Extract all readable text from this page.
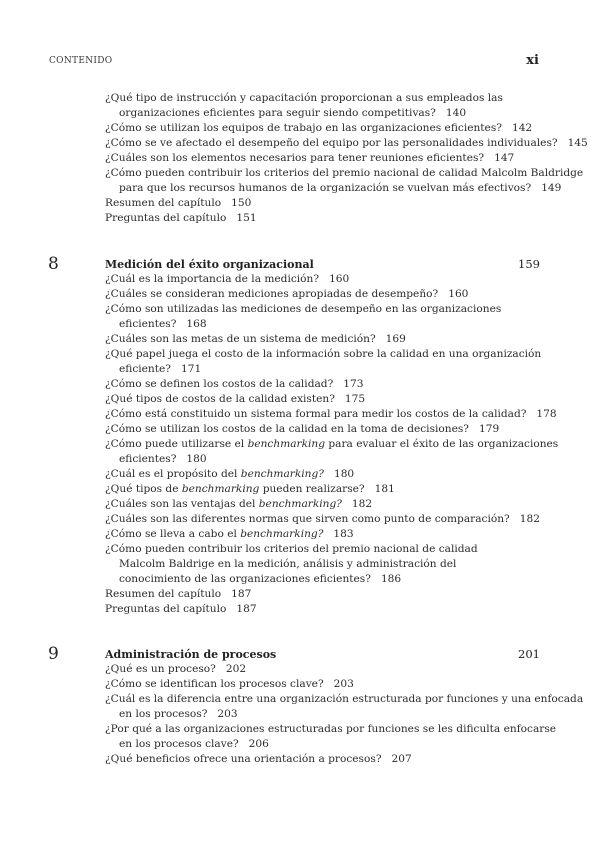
CONTENIDO	xi
¿Qué tipo de instrucción y capacitación proporcionan a sus empleados las
organizaciones eficientes para seguir siendo competitivas? 140
¿Cómo se utilizan los equipos de trabajo en las organizaciones eficientes? 142
¿Cómo se ve afectado el desempeño del equipo por las personalidades individuales? 145
¿Cuáles son los elementos necesarios para tener reuniones eficientes? 147
¿Cómo pueden contribuir los criterios del premio nacional de calidad Malcolm Baldridge
para que los recursos humanos de la organización se vuelvan más efectivos? 149
Resumen del capítulo 150
Preguntas del capítulo 151
8	Medición del éxito organizacional	159
¿Cuál es la importancia de la medición? 160
¿Cuáles se consideran mediciones apropiadas de desempeño? 160
¿Cómo son utilizadas las mediciones de desempeño en las organizaciones
eficientes? 168
¿Cuáles son las metas de un sistema de medición? 169
¿Qué papel juega el costo de la información sobre la calidad en una organización
eficiente? 171
¿Cómo se definen los costos de la calidad? 173
¿Qué tipos de costos de la calidad existen? 175
¿Cómo está constituido un sistema formal para medir los costos de la calidad? 178
¿Cómo se utilizan los costos de la calidad en la toma de decisiones? 179
¿Cómo puede utilizarse el benchmarking para evaluar el éxito de las organizaciones
eficientes? 180
¿Cuál es el propósito del benchmarking? 180
¿Qué tipos de benchmarking pueden realizarse? 181
¿Cuáles son las ventajas del benchmarking? 182
¿Cuáles son las diferentes normas que sirven como punto de comparación? 182
¿Cómo se lleva a cabo el benchmarking? 183
¿Cómo pueden contribuir los criterios del premio nacional de calidad
Malcolm Baldrige en la medición, análisis y administración del
conocimiento de las organizaciones eficientes? 186
Resumen del capítulo 187
Preguntas del capítulo 187
9	Administración de procesos	201
¿Qué es un proceso? 202
¿Cómo se identifican los procesos clave? 203
¿Cuál es la diferencia entre una organización estructurada por funciones y una enfocada
en los procesos? 203
¿Por qué a las organizaciones estructuradas por funciones se les dificulta enfocarse
en los procesos clave? 206
¿Qué beneficios ofrece una orientación a procesos? 207
